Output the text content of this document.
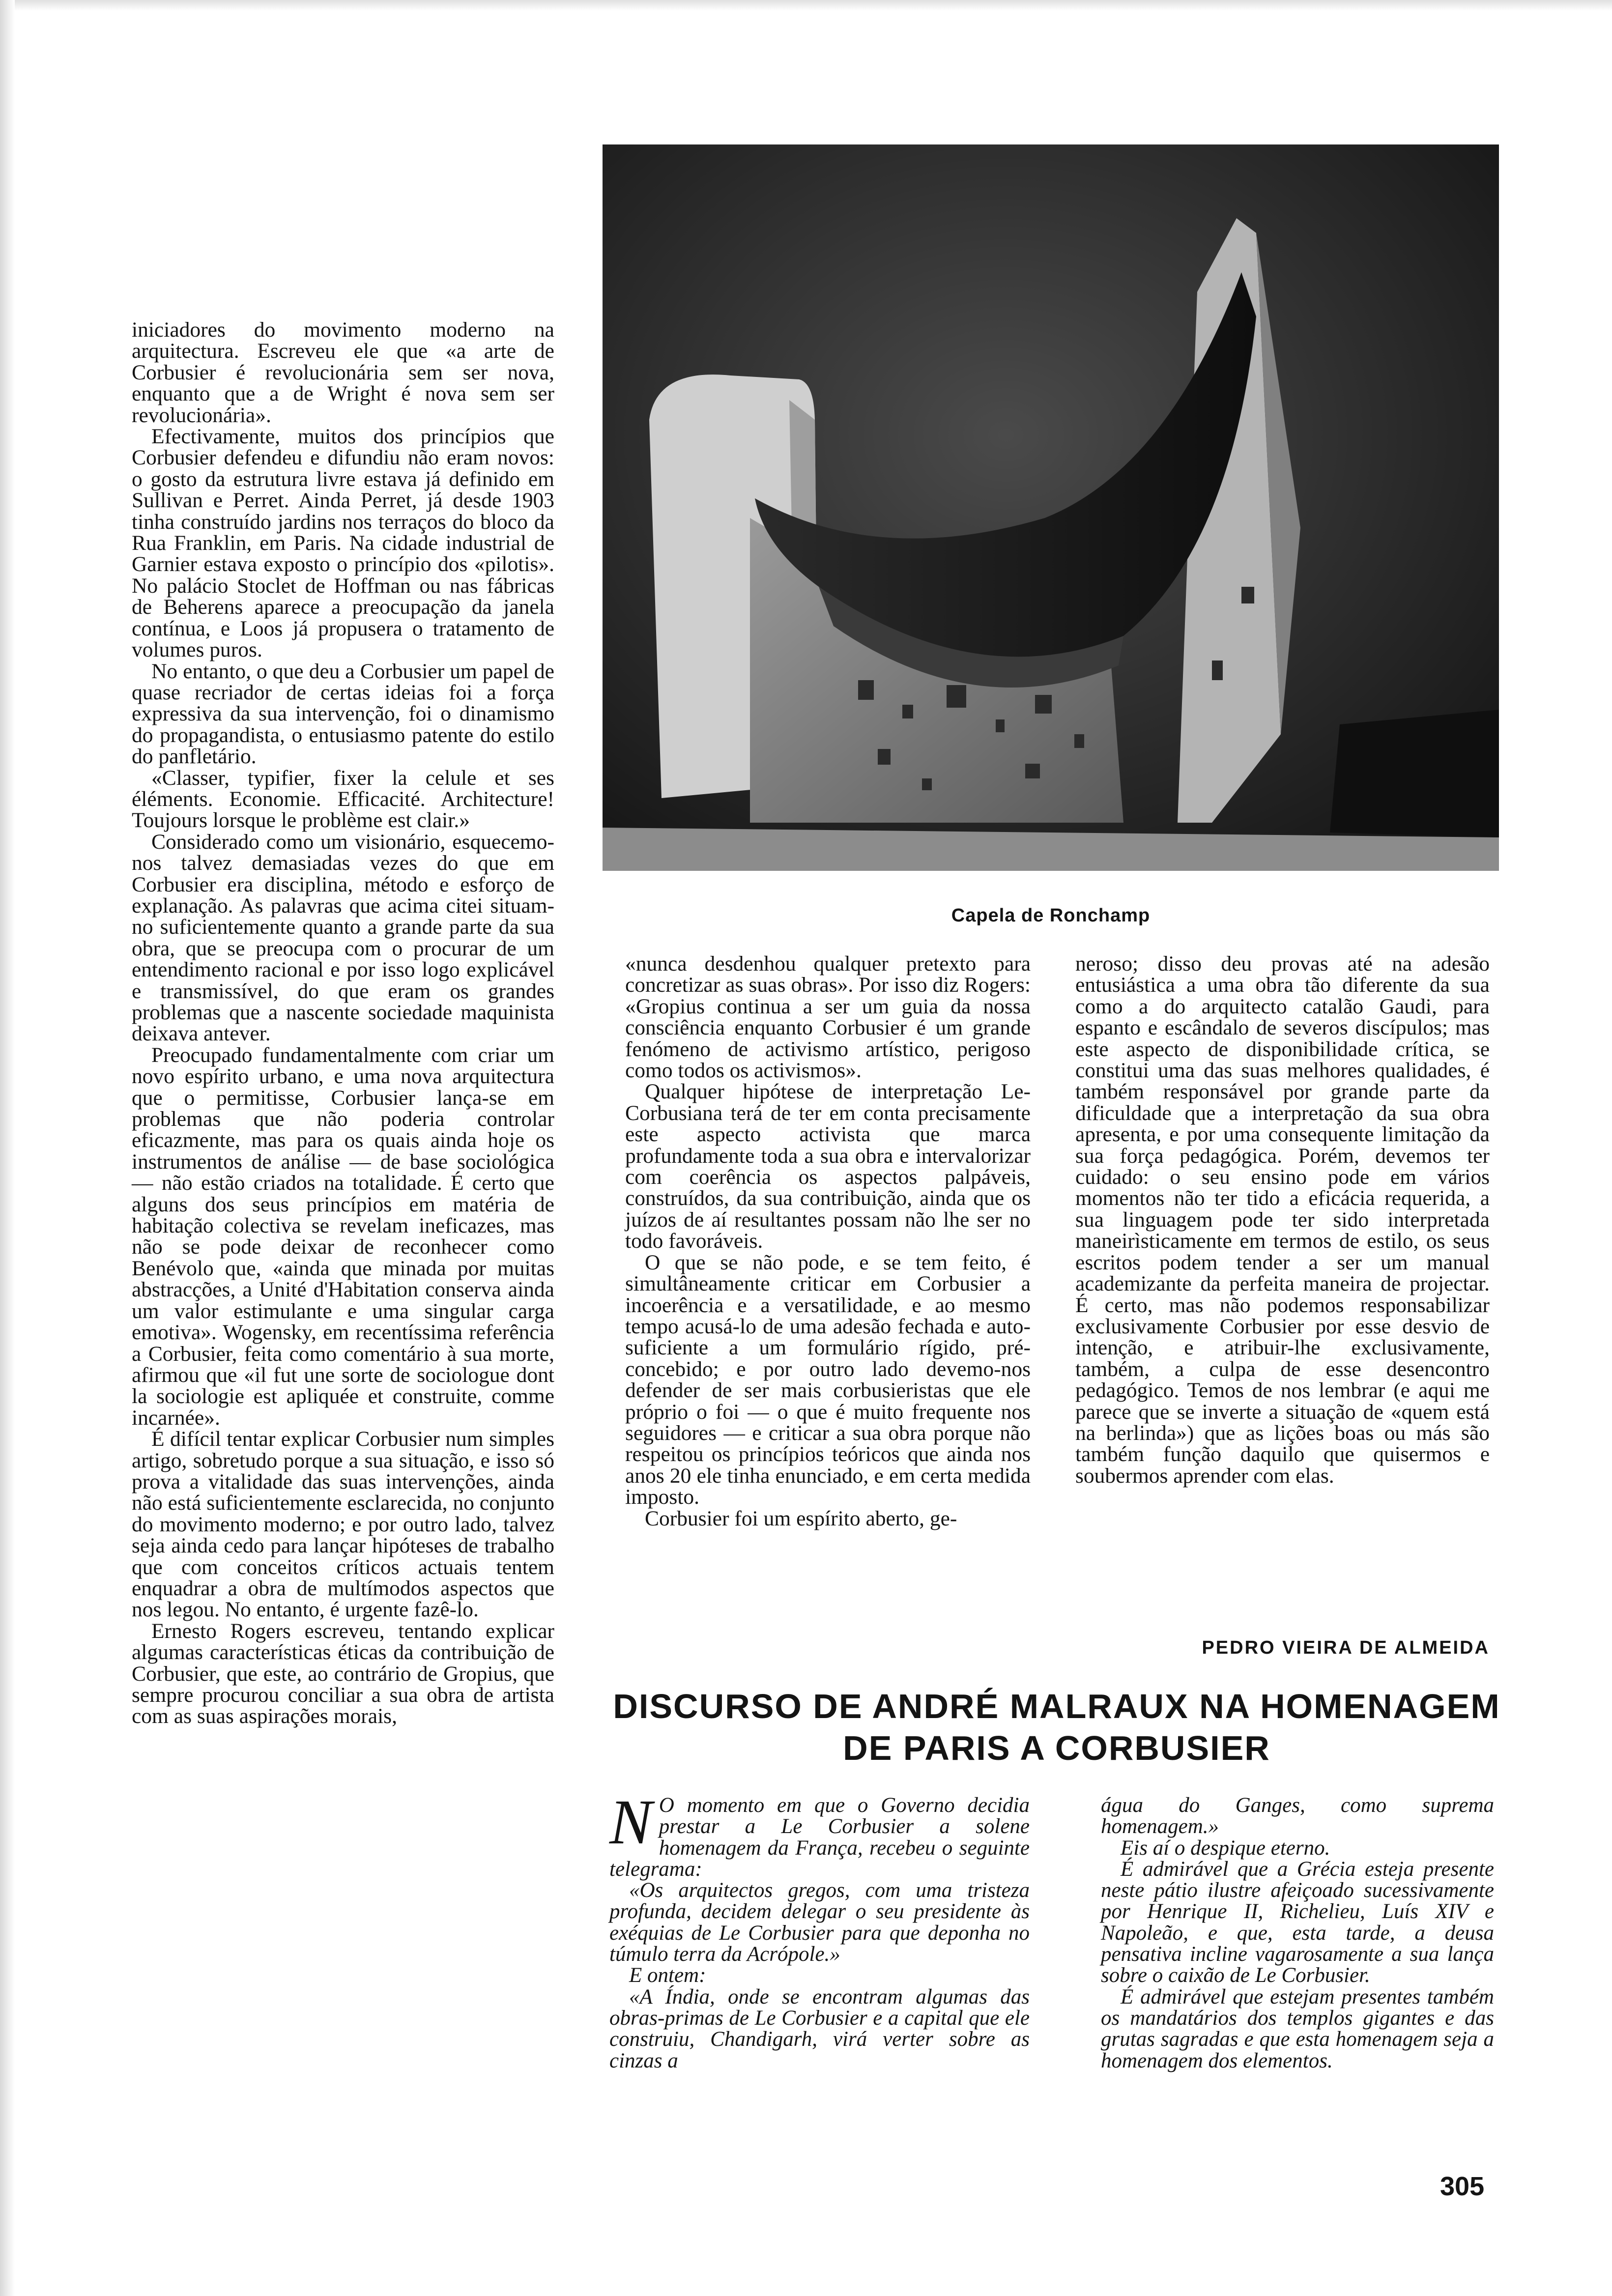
Capela de Ronchamp

iniciadores do movimento moderno na arquitectura. Escreveu ele que «a arte de Corbusier é revolucionária sem ser nova, enquanto que a de Wright é nova sem ser revolucionária».

Efectivamente, muitos dos princípios que Corbusier defendeu e difundiu não eram novos: o gosto da estrutura livre estava já definido em Sullivan e Perret. Ainda Perret, já desde 1903 tinha construído jardins nos terraços do bloco da Rua Franklin, em Paris. Na cidade industrial de Garnier estava exposto o princípio dos «pilotis». No palácio Stoclet de Hoffman ou nas fábricas de Beherens aparece a preocupação da janela contínua, e Loos já propusera o tratamento de volumes puros.

No entanto, o que deu a Corbusier um papel de quase recriador de certas ideias foi a força expressiva da sua intervenção, foi o dinamismo do propagandista, o entusiasmo patente do estilo do panfletário.

«Classer, typifier, fixer la celule et ses éléments. Economie. Efficacité. Architecture! Toujours lorsque le problème est clair.»

Considerado como um visionário, esquecemo-nos talvez demasiadas vezes do que em Corbusier era disciplina, método e esforço de explanação. As palavras que acima citei situam-no suficientemente quanto a grande parte da sua obra, que se preocupa com o procurar de um entendimento racional e por isso logo explicável e transmissível, do que eram os grandes problemas que a nascente sociedade maquinista deixava antever.

Preocupado fundamentalmente com criar um novo espírito urbano, e uma nova arquitectura que o permitisse, Corbusier lança-se em problemas que não poderia controlar eficazmente, mas para os quais ainda hoje os instrumentos de análise — de base sociológica — não estão criados na totalidade. É certo que alguns dos seus princípios em matéria de habitação colectiva se revelam ineficazes, mas não se pode deixar de reconhecer como Benévolo que, «ainda que minada por muitas abstracções, a Unité d'Habitation conserva ainda um valor estimulante e uma singular carga emotiva». Wogensky, em recentíssima referência a Corbusier, feita como comentário à sua morte, afirmou que «il fut une sorte de sociologue dont la sociologie est apliquée et construite, comme incarnée».

É difícil tentar explicar Corbusier num simples artigo, sobretudo porque a sua situação, e isso só prova a vitalidade das suas intervenções, ainda não está suficientemente esclarecida, no conjunto do movimento moderno; e por outro lado, talvez seja ainda cedo para lançar hipóteses de trabalho que com conceitos críticos actuais tentem enquadrar a obra de multímodos aspectos que nos legou. No entanto, é urgente fazê-lo.

Ernesto Rogers escreveu, tentando explicar algumas características éticas da contribuição de Corbusier, que este, ao contrário de Gropius, que sempre procurou conciliar a sua obra de artista com as suas aspirações morais,

«nunca desdenhou qualquer pretexto para concretizar as suas obras». Por isso diz Rogers: «Gropius continua a ser um guia da nossa consciência enquanto Corbusier é um grande fenómeno de activismo artístico, perigoso como todos os activismos».

Qualquer hipótese de interpretação Le-Corbusiana terá de ter em conta precisamente este aspecto activista que marca profundamente toda a sua obra e intervalorizar com coerência os aspectos palpáveis, construídos, da sua contribuição, ainda que os juízos de aí resultantes possam não lhe ser no todo favoráveis.

O que se não pode, e se tem feito, é simultâneamente criticar em Corbusier a incoerência e a versatilidade, e ao mesmo tempo acusá-lo de uma adesão fechada e auto-suficiente a um formulário rígido, pré-concebido; e por outro lado devemo-nos defender de ser mais corbusieristas que ele próprio o foi — o que é muito frequente nos seguidores — e criticar a sua obra porque não respeitou os princípios teóricos que ainda nos anos 20 ele tinha enunciado, e em certa medida imposto.

Corbusier foi um espírito aberto, ge-

neroso; disso deu provas até na adesão entusiástica a uma obra tão diferente da sua como a do arquitecto catalão Gaudi, para espanto e escândalo de severos discípulos; mas este aspecto de disponibilidade crítica, se constitui uma das suas melhores qualidades, é também responsável por grande parte da dificuldade que a interpretação da sua obra apresenta, e por uma consequente limitação da sua força pedagógica. Porém, devemos ter cuidado: o seu ensino pode em vários momentos não ter tido a eficácia requerida, a sua linguagem pode ter sido interpretada maneirìsticamente em termos de estilo, os seus escritos podem tender a ser um manual academizante da perfeita maneira de projectar. É certo, mas não podemos responsabilizar exclusivamente Corbusier por esse desvio de intenção, e atribuir-lhe exclusivamente, também, a culpa de esse desencontro pedagógico. Temos de nos lembrar (e aqui me parece que se inverte a situação de «quem está na berlinda») que as lições boas ou más são também função daquilo que quisermos e soubermos aprender com elas.

PEDRO VIEIRA DE ALMEIDA
DISCURSO DE ANDRÉ MALRAUX NA HOMENAGEM
DE PARIS A CORBUSIER

N O momento em que o Governo decidia prestar a Le Corbusier a solene homenagem da França, recebeu o seguinte telegrama:

«Os arquitectos gregos, com uma tristeza profunda, decidem delegar o seu presidente às exéquias de Le Corbusier para que deponha no túmulo terra da Acrópole.»

E ontem:

«A Índia, onde se encontram algumas das obras-primas de Le Corbusier e a capital que ele construiu, Chandigarh, virá verter sobre as cinzas a

água do Ganges, como suprema homenagem.»

Eis aí o despique eterno.

É admirável que a Grécia esteja presente neste pátio ilustre afeiçoado sucessivamente por Henrique II, Richelieu, Luís XIV e Napoleão, e que, esta tarde, a deusa pensativa incline vagarosamente a sua lança sobre o caixão de Le Corbusier.

É admirável que estejam presentes também os mandatários dos templos gigantes e das grutas sagradas e que esta homenagem seja a homenagem dos elementos.

305
